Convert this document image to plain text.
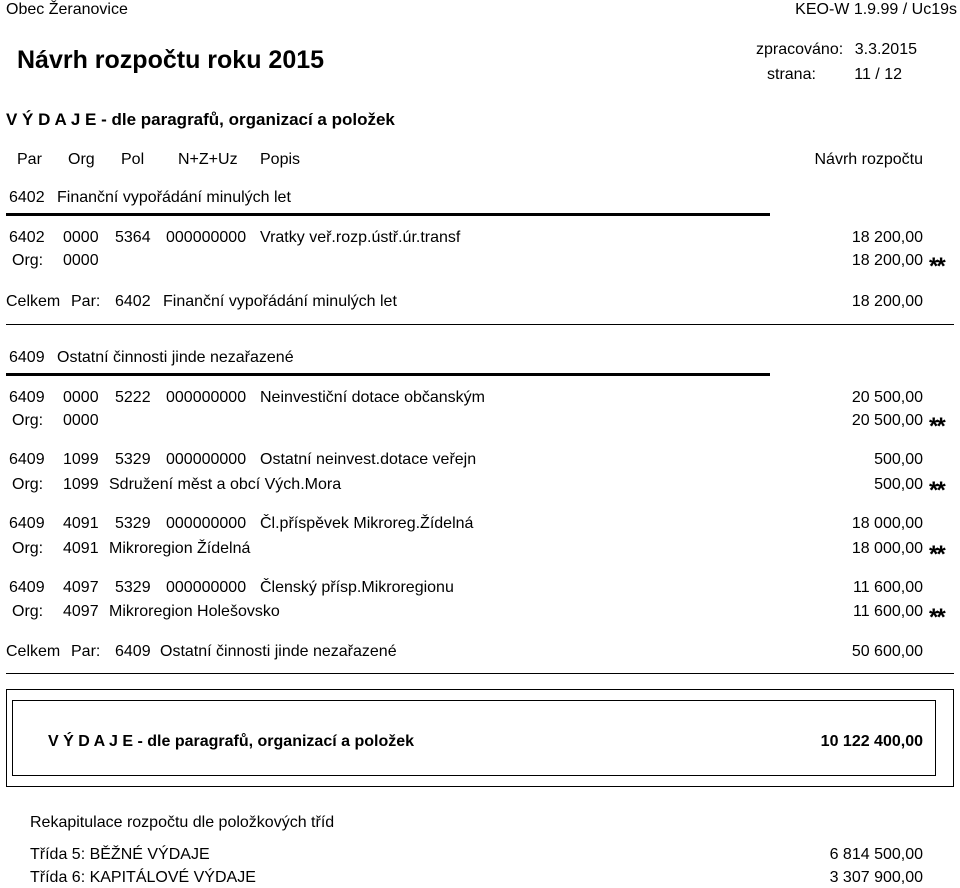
Obec Žeranovice	KEO-W 1.9.99 / Uc19s
Návrh rozpočtu roku 2015	zpracováno: 3.3.2015
strana: 11 / 12
V Ý D A J E - dle paragrafů, organizací a položek
Par Org Pol N+Z+Uz Popis	Návrh rozpočtu
6402 Finanční vypořádání minulých let
6402 0000 5364 000000000 Vratky veř.rozp.ústř.úr.transf	18 200,00
Org: 0000	18 200,00 **
Celkem Par: 6402 Finanční vypořádání minulých let	18 200,00
6409 Ostatní činnosti jinde nezařazené
6409 0000 5222 000000000 Neinvestiční dotace občanským	20 500,00
Org: 0000	20 500,00 **
6409 1099 5329 000000000 Ostatní neinvest.dotace veřejn	500,00
Org: 1099 Sdružení měst a obcí Vých.Mora	500,00 **
6409 4091 5329 000000000 Čl.příspěvek Mikroreg.Žídelná	18 000,00
Org: 4091 Mikroregion Žídelná	18 000,00 **
6409 4097 5329 000000000 Členský přísp.Mikroregionu	11 600,00
Org: 4097 Mikroregion Holešovsko	11 600,00 **
Celkem Par: 6409 Ostatní činnosti jinde nezařazené	50 600,00
V Ý D A J E - dle paragrafů, organizací a položek	10 122 400,00
Rekapitulace rozpočtu dle položkových tříd
Třída 5: BĚŽNÉ VÝDAJE	6 814 500,00
Třída 6: KAPITÁLOVÉ VÝDAJE	3 307 900,00
